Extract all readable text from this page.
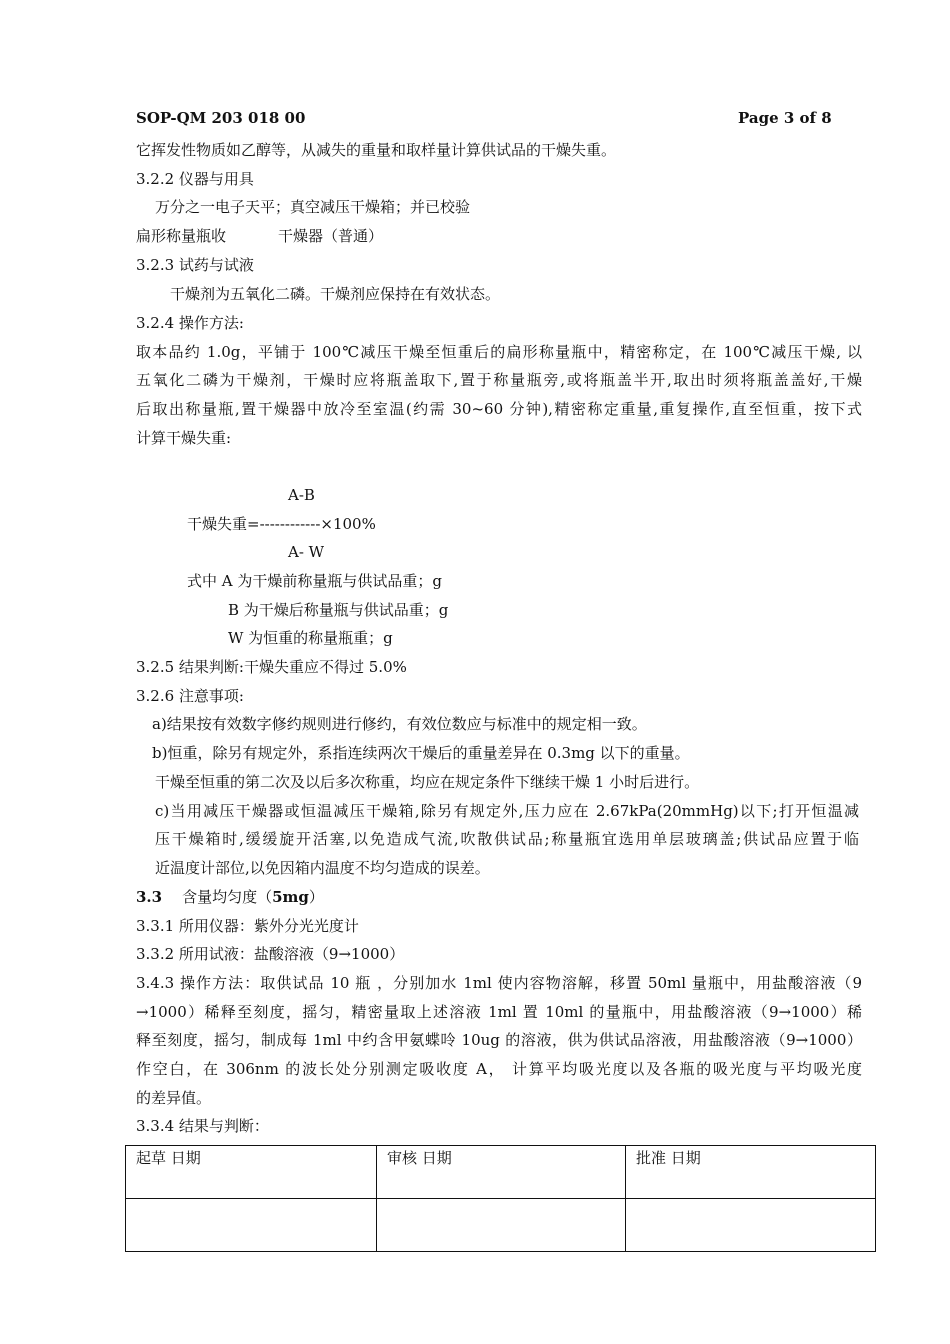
SOP-QM 203 018 00	Page 3 of 8
它挥发性物质如乙醇等，从减失的重量和取样量计算供试品的干燥失重。
3.2.2 仪器与用具
万分之一电子天平；真空减压干燥箱；并已校验
扁形称量瓶收	干燥器（普通）
3.2.3 试药与试液
干燥剂为五氧化二磷。干燥剂应保持在有效状态。
3.2.4 操作方法:
取本品约 1.0g，平铺于 100℃减压干燥至恒重后的扁形称量瓶中，精密称定，在 100℃减压干燥, 以
五氧化二磷为干燥剂，干燥时应将瓶盖取下,置于称量瓶旁,或将瓶盖半开,取出时须将瓶盖盖好,干燥
后取出称量瓶,置干燥器中放冷至室温(约需 30~60 分钟),精密称定重量,重复操作,直至恒重，按下式
计算干燥失重:
A-B
干燥失重=------------×100%
A- W
式中 A 为干燥前称量瓶与供试品重；g
B 为干燥后称量瓶与供试品重；g
W 为恒重的称量瓶重；g
3.2.5 结果判断:干燥失重应不得过 5.0%
3.2.6 注意事项:
a)结果按有效数字修约规则进行修约，有效位数应与标准中的规定相一致。
b)恒重，除另有规定外，系指连续两次干燥后的重量差异在 0.3mg 以下的重量。
干燥至恒重的第二次及以后多次称重，均应在规定条件下继续干燥 1 小时后进行。
c)当用减压干燥器或恒温减压干燥箱,除另有规定外,压力应在 2.67kPa(20mmHg)以下;打开恒温减
压干燥箱时,缓缓旋开活塞,以免造成气流,吹散供试品;称量瓶宜选用单层玻璃盖;供试品应置于临
近温度计部位,以免因箱内温度不均匀造成的误差。
3.3 含量均匀度（5mg）
3.3.1 所用仪器：紫外分光光度计
3.3.2 所用试液：盐酸溶液（9→1000）
3.4.3 操作方法：取供试品 10 瓶 ，分别加水 1ml 使内容物溶解，移置 50ml 量瓶中，用盐酸溶液（9
→1000）稀释至刻度，摇匀，精密量取上述溶液 1ml 置 10ml 的量瓶中，用盐酸溶液（9→1000）稀
释至刻度，摇匀，制成每 1ml 中约含甲氨蝶呤 10ug 的溶液，供为供试品溶液，用盐酸溶液（9→1000）
作空白，在 306nm 的波长处分别测定吸收度 A， 计算平均吸光度以及各瓶的吸光度与平均吸光度
的差异值。
3.3.4 结果与判断：
起草 日期	审核 日期	批准 日期
